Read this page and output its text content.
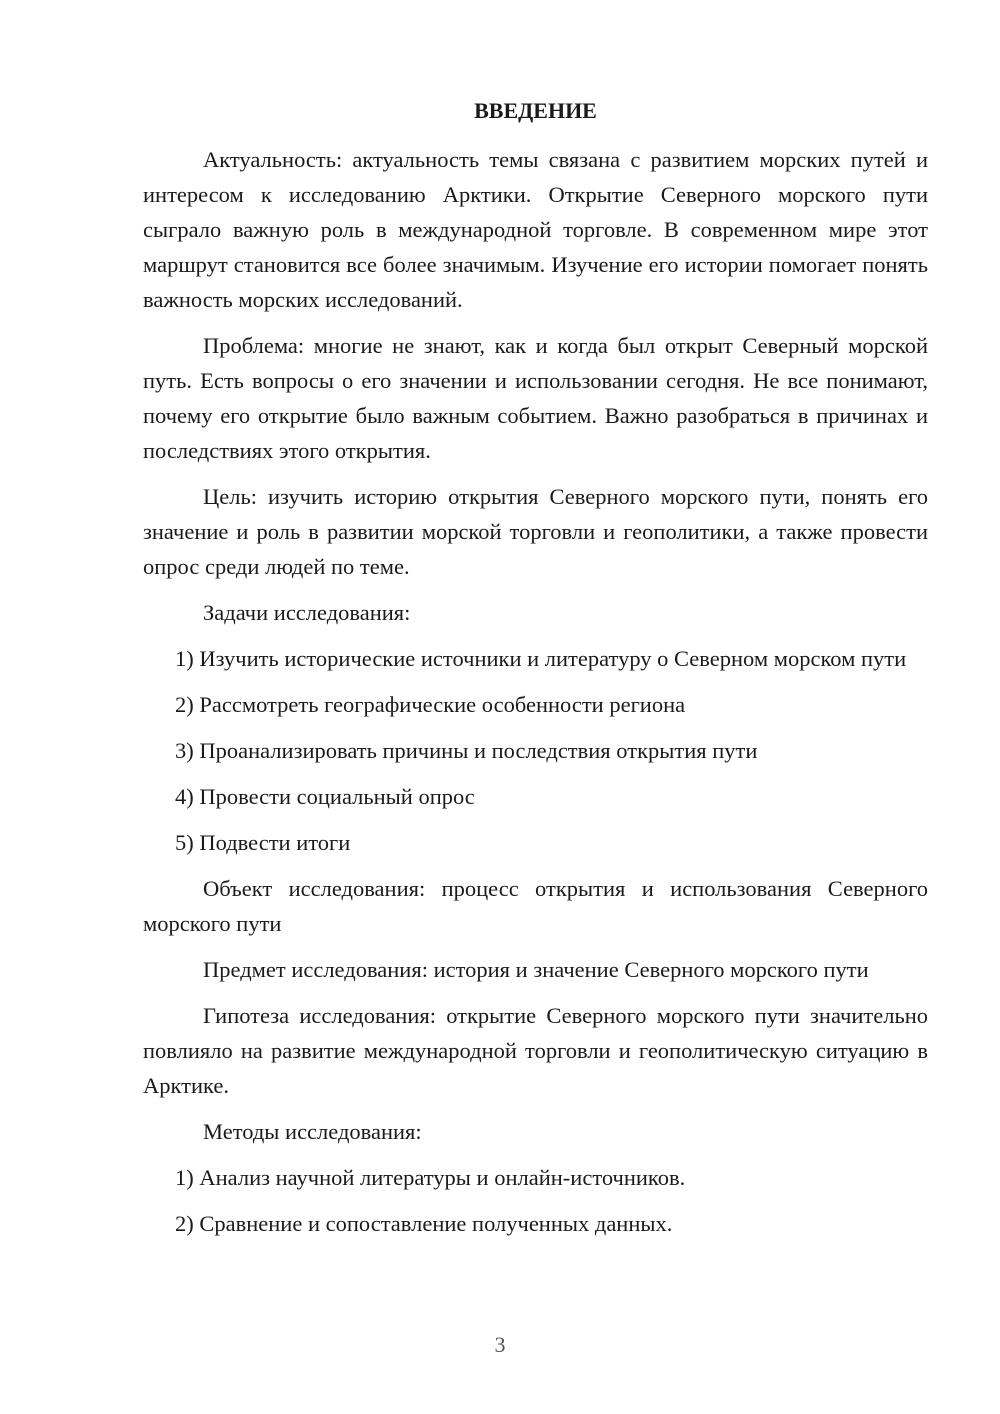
ВВЕДЕНИЕ

Актуальность: актуальность темы связана с развитием морских путей и интересом к исследованию Арктики. Открытие Северного морского пути сыграло важную роль в международной торговле. В современном мире этот маршрут становится все более значимым. Изучение его истории помогает понять важность морских исследований.

Проблема: многие не знают, как и когда был открыт Северный морской путь. Есть вопросы о его значении и использовании сегодня. Не все понимают, почему его открытие было важным событием. Важно разобраться в причинах и последствиях этого открытия.

Цель: изучить историю открытия Северного морского пути, понять его значение и роль в развитии морской торговли и геополитики, а также провести опрос среди людей по теме.

Задачи исследования:

1) Изучить исторические источники и литературу о Северном морском пути

2) Рассмотреть географические особенности региона

3) Проанализировать причины и последствия открытия пути

4) Провести социальный опрос

5) Подвести итоги

Объект исследования: процесс открытия и использования Северного морского пути

Предмет исследования: история и значение Северного морского пути

Гипотеза исследования: открытие Северного морского пути значительно повлияло на развитие международной торговли и геополитическую ситуацию в Арктике.

Методы исследования:

1) Анализ научной литературы и онлайн-источников.

2) Сравнение и сопоставление полученных данных.

3
